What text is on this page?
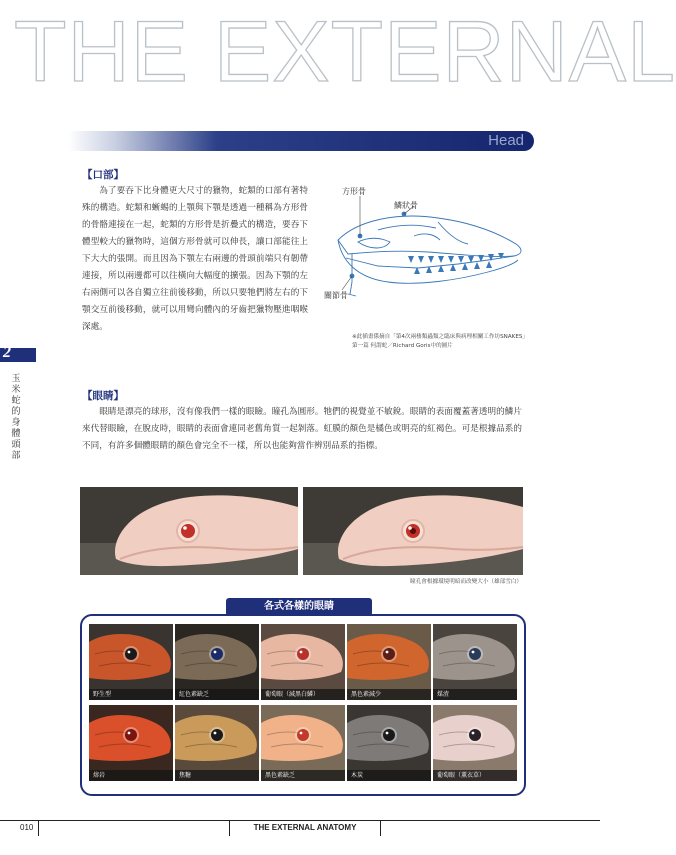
THE EXTERNAL
Head
【口部】
為了要吞下比身體更大尺寸的獵物，蛇類的口部有著特殊的構造。蛇類和蜥蜴的上顎與下顎是透過一種稱為方形骨的骨骼連接在一起，蛇類的方形骨是折疊式的構造，要吞下體型較大的獵物時，這個方形骨就可以伸長，讓口部能往上下大大的張開。而且因為下顎左右兩邊的骨頭前端只有韌帶連接，所以兩邊都可以往橫向大幅度的擴張。因為下顎的左右兩側可以各自獨立往前後移動，所以只要牠們將左右的下顎交互前後移動，就可以用彎向體內的牙齒把獵物壓進咽喉深處。
方形骨
鱗狀骨
關節骨
※此插畫係摘自「第4次兩棲類蟲類之臨床與病理相關工作坊SNAKES」第一篇 何謂蛇／Richard Goris中的圖片
2
玉米蛇的身體　頭部
【眼睛】
眼睛是漂亮的球形，沒有像我們一樣的眼瞼。瞳孔為圓形。牠們的視覺並不敏銳。眼睛的表面覆蓋著透明的鱗片來代替眼瞼，在脫皮時，眼睛的表面會連同老舊角質一起剝落。虹膜的顏色是橘色或明亮的紅褐色。可是根據品系的不同，有許多個體眼睛的顏色會完全不一樣，所以也能夠當作辨別品系的指標。
瞳孔會根據環境明暗而改變大小（雄部雪白）
各式各樣的眼睛
野生型	紅色素缺乏	葡萄眼（減黑白鱗）	黑色素減少	煤渣
熔岩	焦糖	黑色素缺乏	木炭	葡萄眼（薰衣草）
010	THE EXTERNAL ANATOMY
